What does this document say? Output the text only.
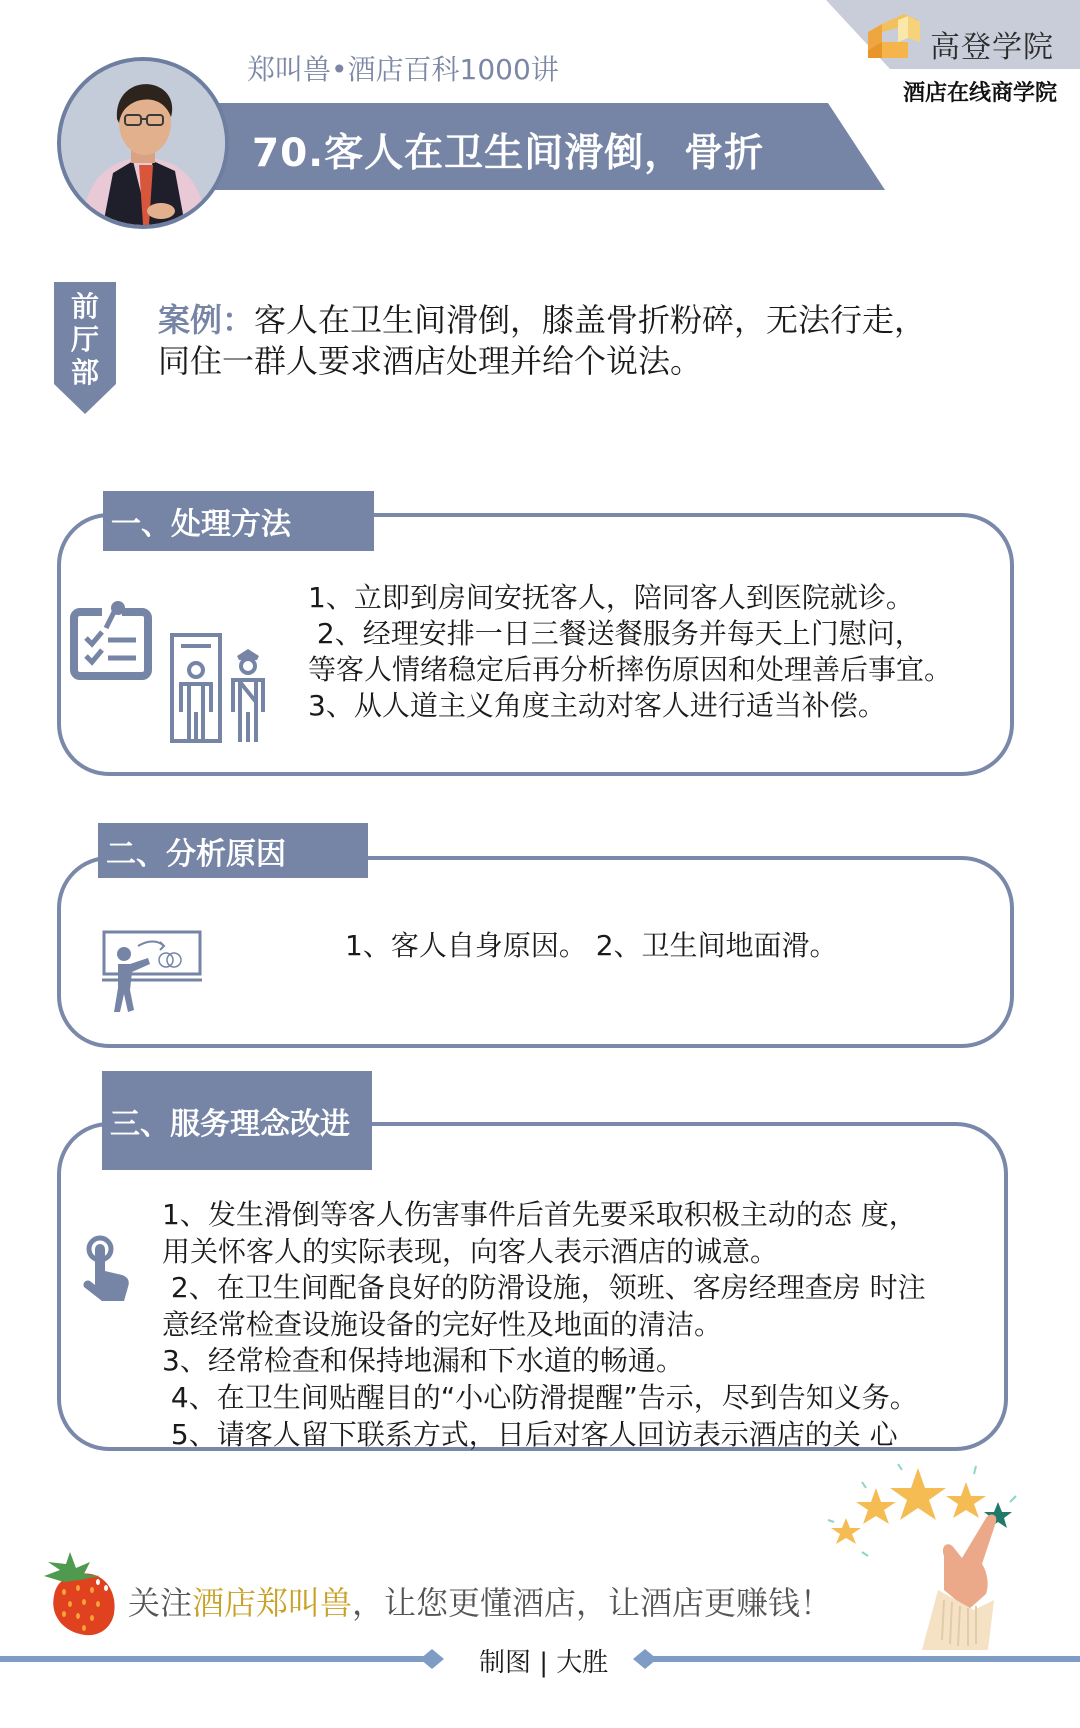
高登学院
酒店在线商学院
郑叫兽•酒店百科1000讲
70.客人在卫生间滑倒，骨折
前
厅
部
案例：客人在卫生间滑倒，膝盖骨折粉碎，无法行走，
同住一群人要求酒店处理并给个说法。
一、处理方法
1、立即到房间安抚客人，陪同客人到医院就诊。
2、经理安排一日三餐送餐服务并每天上门慰问，
等客人情绪稳定后再分析摔伤原因和处理善后事宜。
3、从人道主义角度主动对客人进行适当补偿。
二、分析原因
1、客人自身原因。 2、卫生间地面滑。
三、服务理念改进
1、发生滑倒等客人伤害事件后首先要采取积极主动的态 度，
用关怀客人的实际表现，向客人表示酒店的诚意。
2、在卫生间配备良好的防滑设施，领班、客房经理查房 时注
意经常检查设施设备的完好性及地面的清洁。
3、经常检查和保持地漏和下水道的畅通。
4、在卫生间贴醒目的“小心防滑提醒”告示，尽到告知义务。
5、请客人留下联系方式，日后对客人回访表示酒店的关 心
关注酒店郑叫兽，让您更懂酒店，让酒店更赚钱！
制图 | 大胜
